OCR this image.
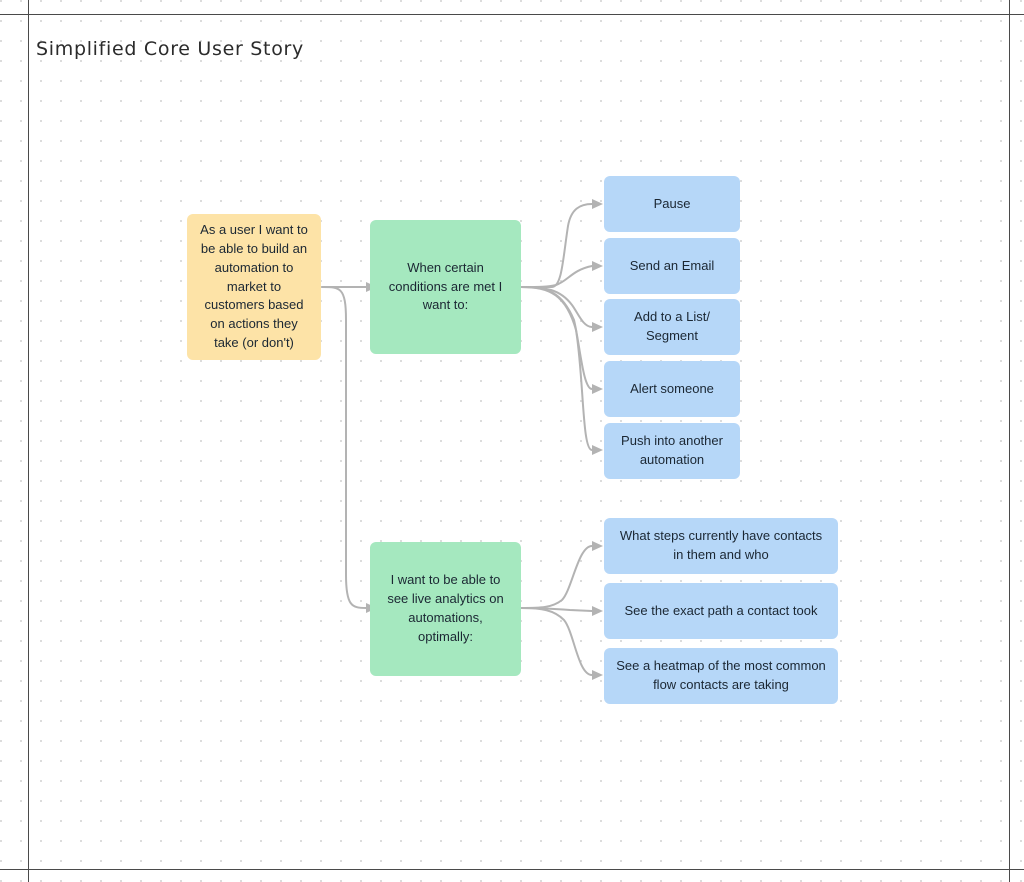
Simplified Core User Story
As a user I want to be able to build an automation to market to customers based on actions they take (or don't)
When certain conditions are met I want to:
I want to be able to see live analytics on automations, optimally:
Pause
Send an Email
Add to a List/ Segment
Alert someone
Push into another automation
What steps currently have contacts in them and who
See the exact path a contact took
See a heatmap of the most common flow contacts are taking
